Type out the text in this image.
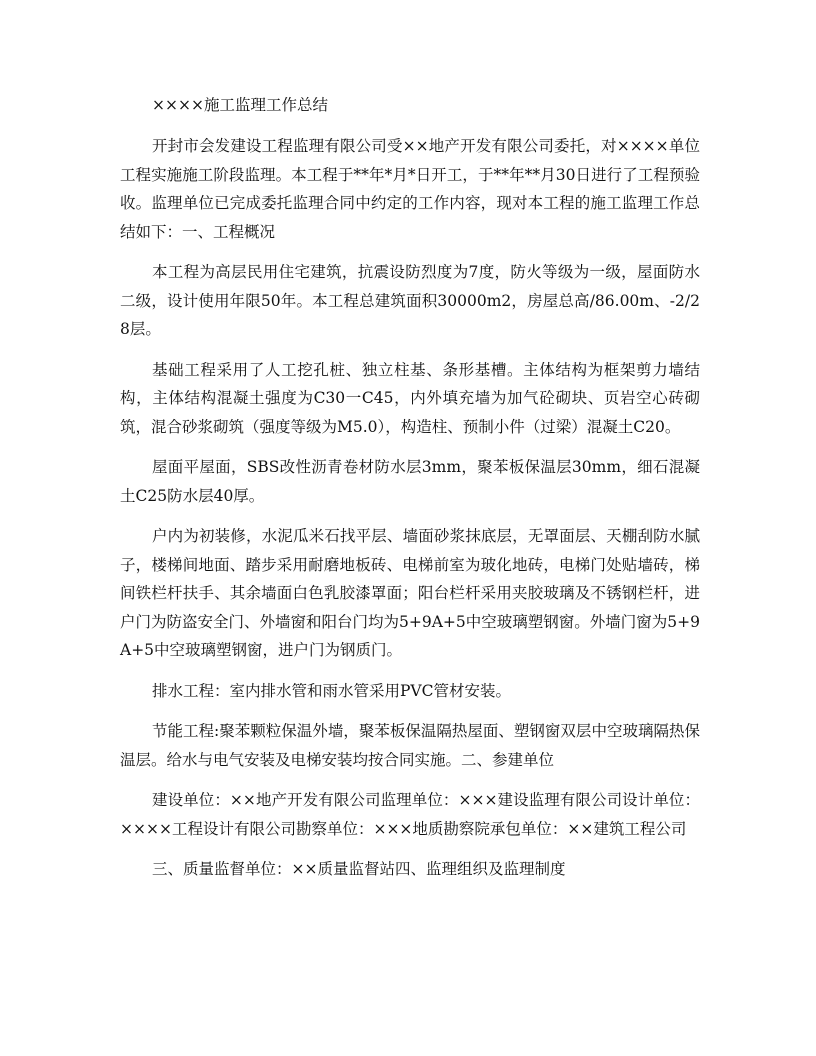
××××施工监理工作总结

开封市会发建设工程监理有限公司受××地产开发有限公司委托，对××××单位工程实施施工阶段监理。本工程于**年*月*日开工，于**年**月30日进行了工程预验收。监理单位已完成委托监理合同中约定的工作内容，现对本工程的施工监理工作总结如下：一、工程概况

本工程为高层民用住宅建筑，抗震设防烈度为7度，防火等级为一级，屋面防水二级，设计使用年限50年。本工程总建筑面积30000m2，房屋总高/86.00m、-2/28层。

基础工程采用了人工挖孔桩、独立柱基、条形基槽。主体结构为框架剪力墙结构，主体结构混凝土强度为C30一C45，内外填充墙为加气砼砌块、页岩空心砖砌筑，混合砂浆砌筑（强度等级为M5.0），构造柱、预制小件（过梁）混凝土C20。

屋面平屋面，SBS改性沥青卷材防水层3mm，聚苯板保温层30mm，细石混凝土C25防水层40厚。

户内为初装修，水泥瓜米石找平层、墙面砂浆抹底层，无罩面层、天棚刮防水腻子，楼梯间地面、踏步采用耐磨地板砖、电梯前室为玻化地砖，电梯门处贴墙砖，梯间铁栏杆扶手、其余墙面白色乳胶漆罩面；阳台栏杆采用夹胶玻璃及不锈钢栏杆，进户门为防盗安全门、外墙窗和阳台门均为5+9A+5中空玻璃塑钢窗。外墙门窗为5+9A+5中空玻璃塑钢窗，进户门为钢质门。

排水工程：室内排水管和雨水管采用PVC管材安装。

节能工程:聚苯颗粒保温外墙，聚苯板保温隔热屋面、塑钢窗双层中空玻璃隔热保温层。给水与电气安装及电梯安装均按合同实施。二、参建单位

建设单位：××地产开发有限公司监理单位：×××建设监理有限公司设计单位：××××工程设计有限公司勘察单位：×××地质勘察院承包单位：××建筑工程公司

三、质量监督单位：××质量监督站四、监理组织及监理制度
